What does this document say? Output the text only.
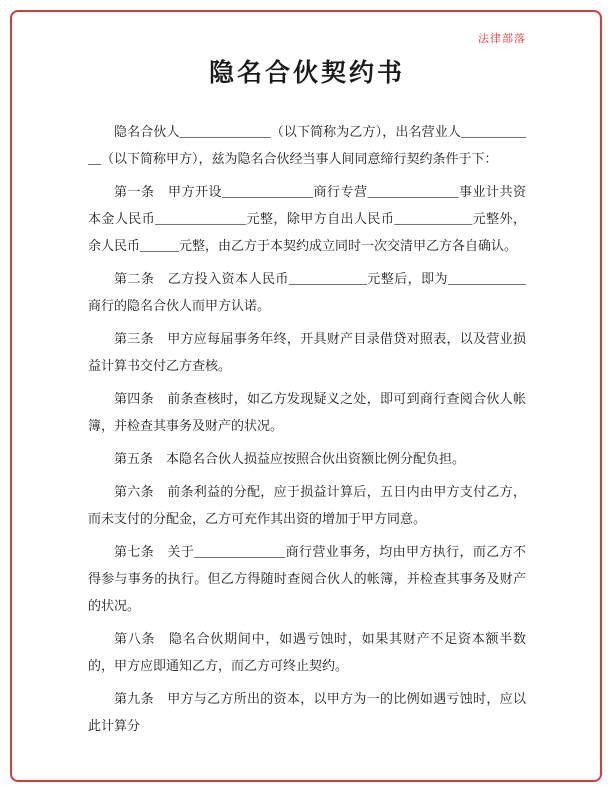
法律部落
隐名合伙契约书

隐名合伙人______________（以下简称为乙方），出名营业人____________（以下简称甲方），兹为隐名合伙经当事人间同意缔行契约条件于下：

第一条　甲方开设______________商行专营______________事业计共资本金人民币______________元整，除甲方自出人民币____________元整外，余人民币______元整，由乙方于本契约成立同时一次交清甲乙方各自确认。

第二条　乙方投入资本人民币____________元整后，即为____________商行的隐名合伙人而甲方认诺。

第三条　甲方应每届事务年终，开具财产目录借贷对照表，以及营业损益计算书交付乙方查核。

第四条　前条查核时，如乙方发现疑义之处，即可到商行查阅合伙人帐簿，并检查其事务及财产的状况。

第五条　本隐名合伙人损益应按照合伙出资额比例分配负担。

第六条　前条利益的分配，应于损益计算后，五日内由甲方支付乙方，而未支付的分配金，乙方可充作其出资的增加于甲方同意。

第七条　关于______________商行营业事务，均由甲方执行，而乙方不得参与事务的执行。但乙方得随时查阅合伙人的帐簿，并检查其事务及财产的状况。

第八条　隐名合伙期间中，如遇亏蚀时，如果其财产不足资本额半数的，甲方应即通知乙方，而乙方可终止契约。

第九条　甲方与乙方所出的资本，以甲方为一的比例如遇亏蚀时，应以此计算分
